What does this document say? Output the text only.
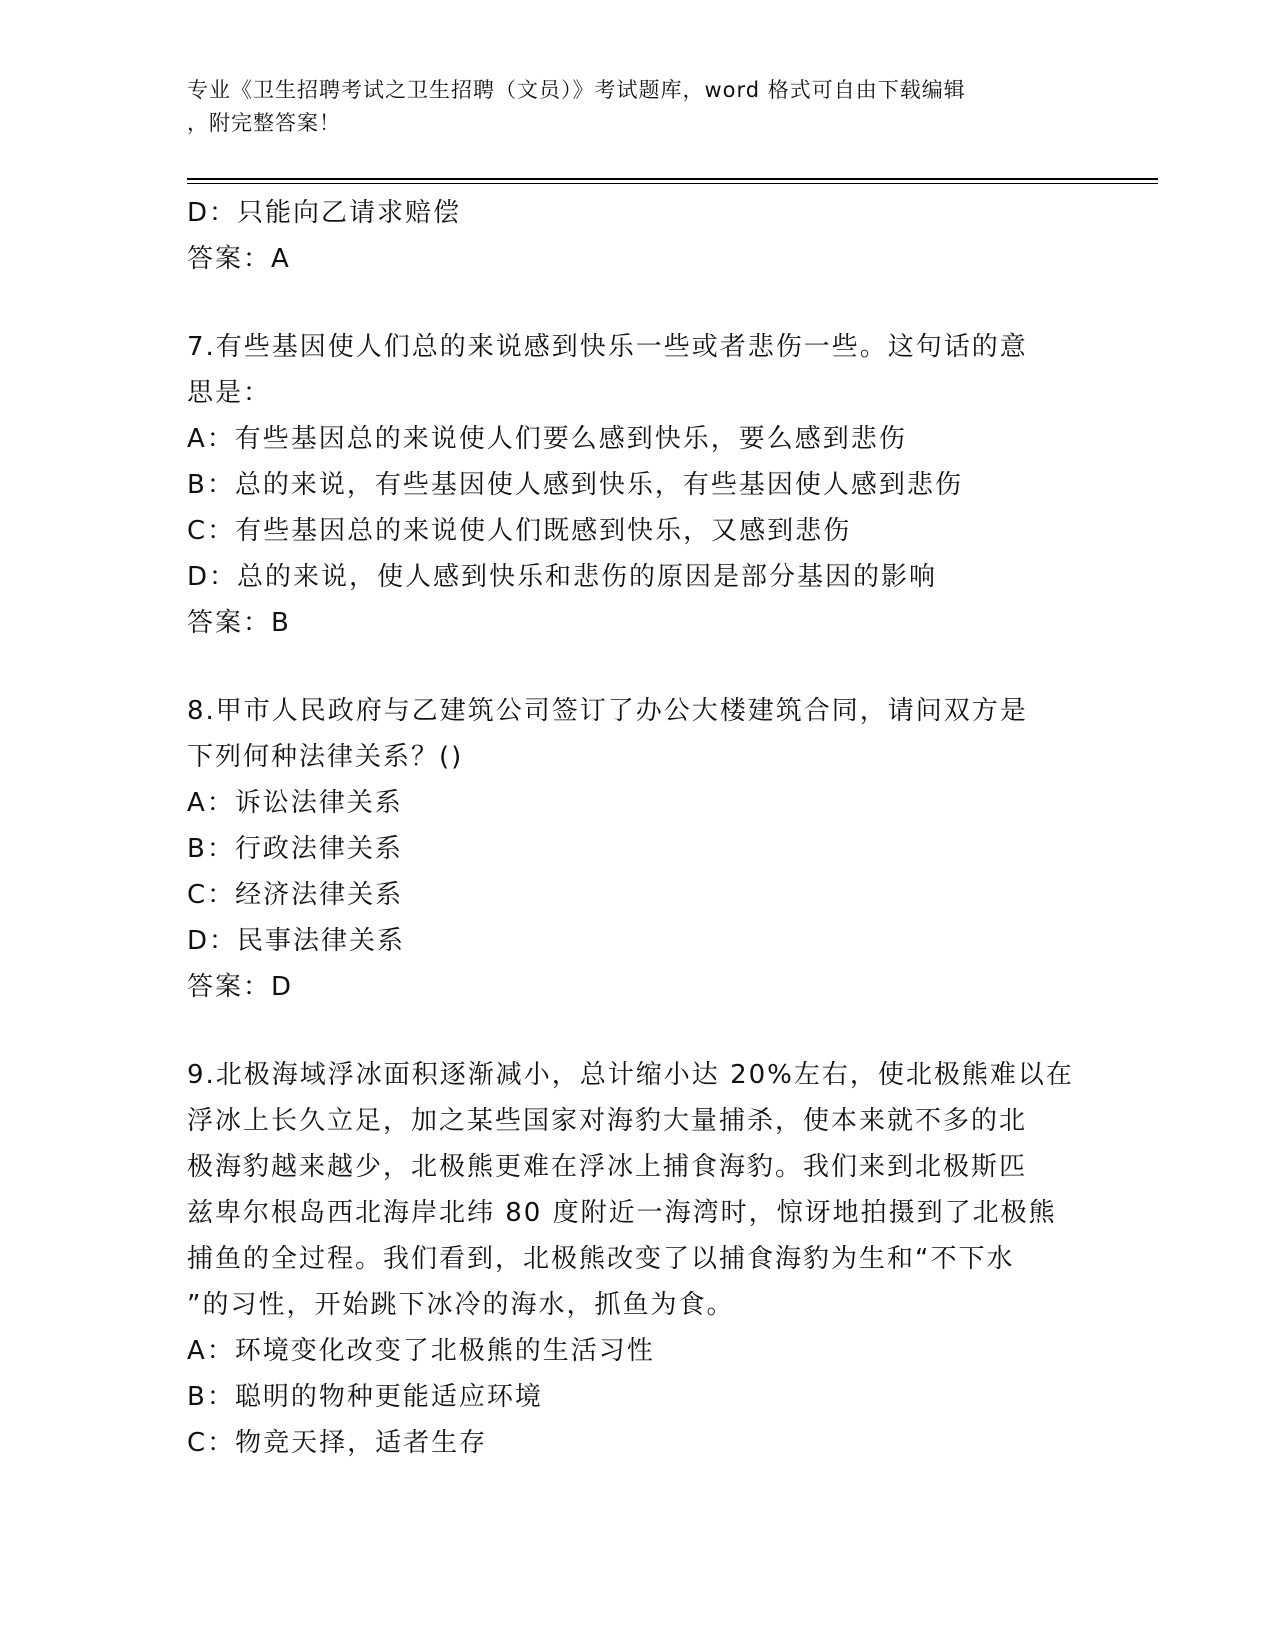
专业《卫生招聘考试之卫生招聘（文员）》考试题库，word 格式可自由下载编辑
，附完整答案！
D：只能向乙请求赔偿
答案：A
7.有些基因使人们总的来说感到快乐一些或者悲伤一些。这句话的意
思是：
A：有些基因总的来说使人们要么感到快乐，要么感到悲伤
B：总的来说，有些基因使人感到快乐，有些基因使人感到悲伤
C：有些基因总的来说使人们既感到快乐，又感到悲伤
D：总的来说，使人感到快乐和悲伤的原因是部分基因的影响
答案：B
8.甲市人民政府与乙建筑公司签订了办公大楼建筑合同，请问双方是
下列何种法律关系？()
A：诉讼法律关系
B：行政法律关系
C：经济法律关系
D：民事法律关系
答案：D
9.北极海域浮冰面积逐渐减小，总计缩小达 20%左右，使北极熊难以在
浮冰上长久立足，加之某些国家对海豹大量捕杀，使本来就不多的北
极海豹越来越少，北极熊更难在浮冰上捕食海豹。我们来到北极斯匹
兹卑尔根岛西北海岸北纬 80 度附近一海湾时，惊讶地拍摄到了北极熊
捕鱼的全过程。我们看到，北极熊改变了以捕食海豹为生和“不下水
”的习性，开始跳下冰冷的海水，抓鱼为食。
A：环境变化改变了北极熊的生活习性
B：聪明的物种更能适应环境
C：物竞天择，适者生存
